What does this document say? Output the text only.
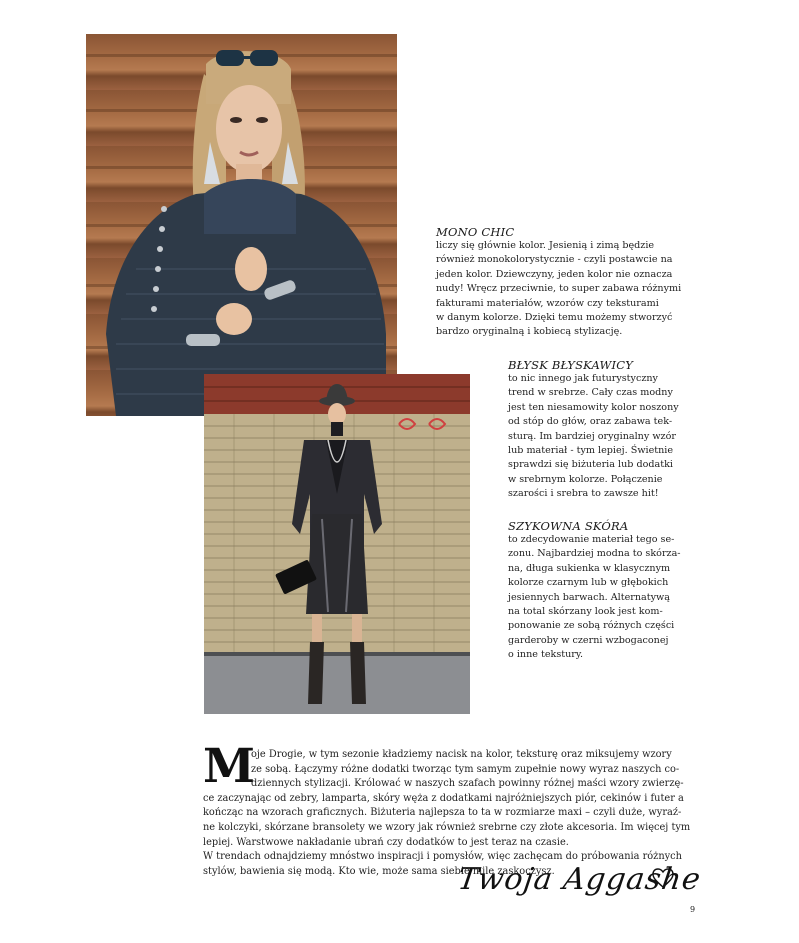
MONO CHIC
liczy się głównie kolor. Jesienią i zimą będzie
również monokolorystycznie - czyli postawcie na
jeden kolor. Dziewczyny, jeden kolor nie oznacza
nudy! Wręcz przeciwnie, to super zabawa różnymi
fakturami materiałów, wzorów czy teksturami
w danym kolorze. Dzięki temu możemy stworzyć
bardzo oryginalną i kobiecą stylizację.
BŁYSK BŁYSKAWICY
to nic innego jak futurystyczny
trend w srebrze. Cały czas modny
jest ten niesamowity kolor noszony
od stóp do głów, oraz zabawa tek-
sturą. Im bardziej oryginalny wzór
lub materiał - tym lepiej. Świetnie
sprawdzi się biżuteria lub dodatki
w srebrnym kolorze. Połączenie
szarości i srebra to zawsze hit!
SZYKOWNA SKÓRA
to zdecydowanie materiał tego se-
zonu. Najbardziej modna to skórza-
na, długa sukienka w klasycznym
kolorze czarnym lub w głębokich
jesiennych barwach. Alternatywą
na total skórzany look jest kom-
ponowanie ze sobą różnych części
garderoby w czerni wzbogaconej
o inne tekstury.
M
oje Drogie, w tym sezonie kładziemy nacisk na kolor, teksturę oraz miksujemy wzory
ze sobą. Łączymy różne dodatki tworząc tym samym zupełnie nowy wyraz naszych co-
dziennych stylizacji. Królować w naszych szafach powinny różnej maści wzory zwierzę-
ce zaczynając od zebry, lamparta, skóry węża z dodatkami najróżniejszych piór, cekinów i futer a
kończąc na wzorach graficznych. Biżuteria najlepsza to ta w rozmiarze maxi – czyli duże, wyraź-
ne kolczyki, skórzane bransolety we wzory jak również srebrne czy złote akcesoria. Im więcej tym
lepiej. Warstwowe nakładanie ubrań czy dodatków to jest teraz na czasie.
W trendach odnajdziemy mnóstwo inspiracji i pomysłów, więc zachęcam do próbowania różnych
stylów, bawienia się modą. Kto wie, może sama siebie mile zaskoczysz.
Twoja Aggashe
9
